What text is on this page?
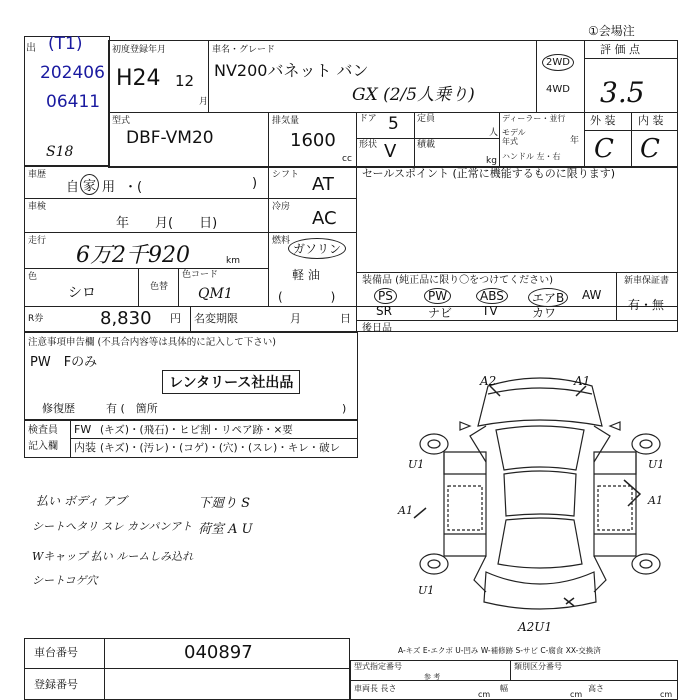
出 (T1)
202406
06411
S18
①会場注
初度登録年月
H24 12
月
車名・グレード
NV200バネット バン
GX (2/5人乗り)
2WD
4WD
評 価 点
3.5
型式
DBF-VM20
排気量
1600
cc
ドア 5
形状 V
定員
人
積載
kg
ディーラー・並行
モデル年式	年
ハンドル 左・右
外 装 内 装
C C
車歴
自 家 用 ・(	)
車検
年　　月(　　日)
走行
6万2千920	km
色
シロ	色替
色コード
QM1
シフト AT
冷房
AC
燃料
ガソリン
軽 油
(　　　　)
R券	8,830 円 名変期限	月	日
セールスポイント (正常に機能するものに限ります)
装備品 (純正品に限り〇をつけてください)	新車保証書
PS	PW	ABS	エアB	AW
SR	ナビ TV	カワ
有・無
後日品
注意事項申告欄 (不具合内容等は具体的に記入して下さい)
PW　Fのみ
レンタリース社出品
修復歴	有 (　箇所	)
検査員
記入欄
FW (キズ)・(飛石)・ヒビ割・リペア跡・×要
内装 (キズ)・(汚レ)・(コゲ)・(穴)・(スレ)・キレ・破レ
払い ボディ アブ
シートへタリ スレ カンパンアト
Wキャップ 払い ルームしみ込れ
シートコゲ穴
下廻り S
荷室 A U
A2	A1
U1	U1
A1
A1
U1
A2U1
A-キズ E-エクボ U-凹み W-補修跡 S-サビ C-腐食 XX-交換済
車台番号	040897
登録番号
型式指定番号	類別区分番号
参 考
車両長 長さ
cm
幅
cm
高さ
cm
